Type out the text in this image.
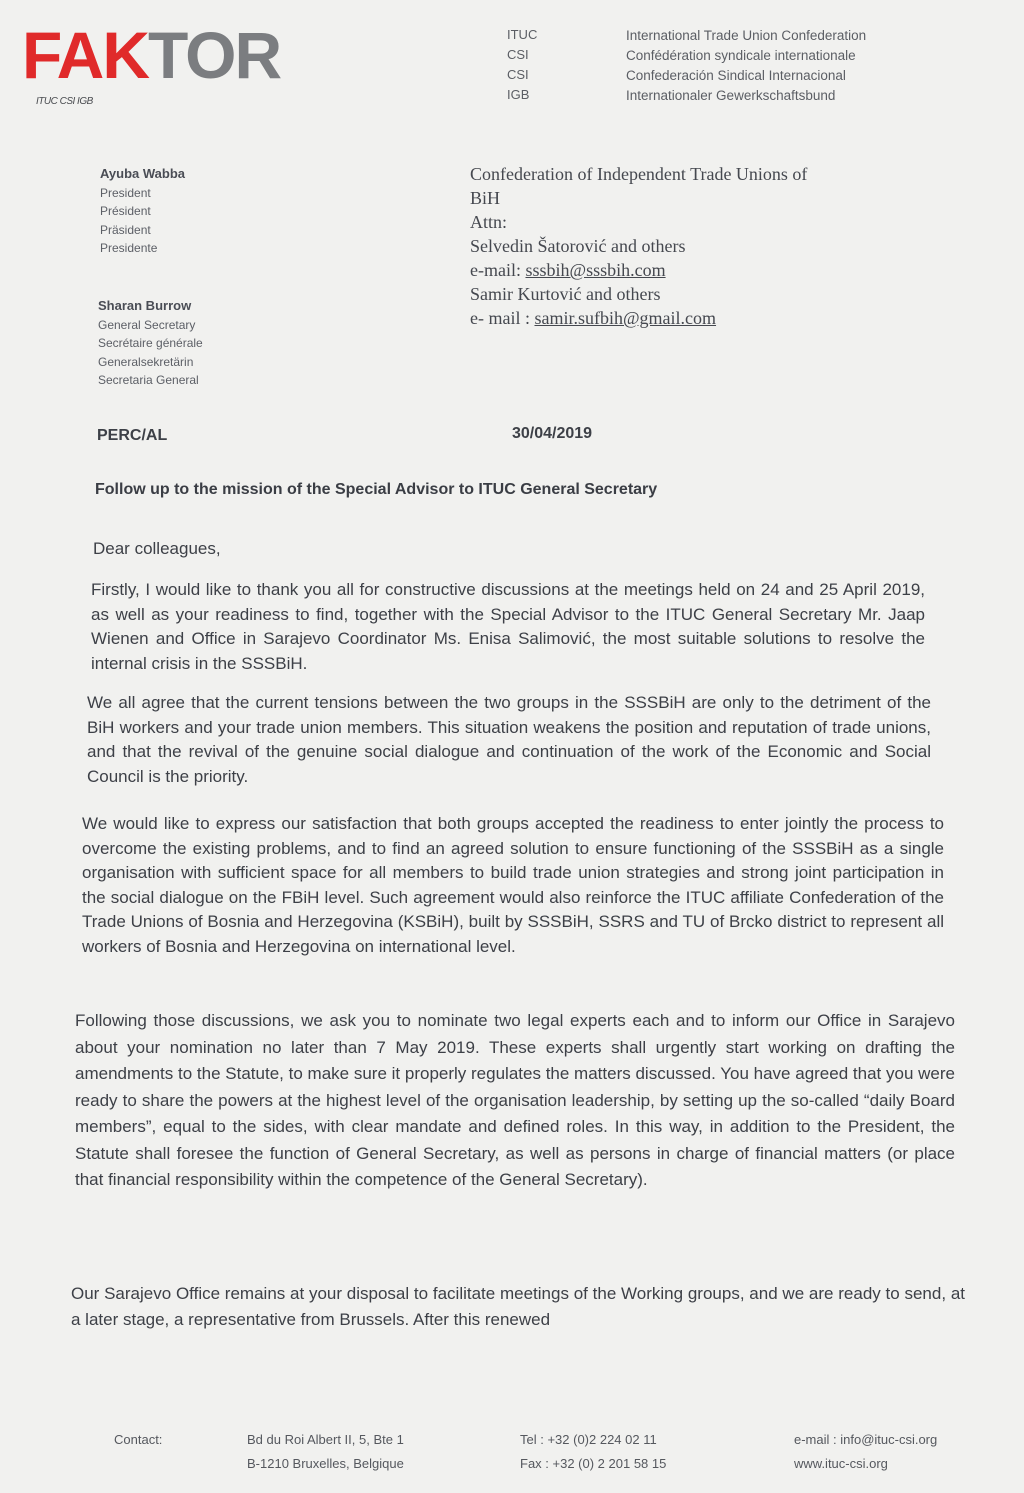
FAKTOR
ITUC CSI IGB
ITUC
CSI
CSI
IGB
International Trade Union Confederation
Confédération syndicale internationale
Confederación Sindical Internacional
Internationaler Gewerkschaftsbund
Ayuba Wabba
President
Président
Präsident
Presidente
Sharan Burrow
General Secretary
Secrétaire générale
Generalsekretärin
Secretaria General
Confederation of Independent Trade Unions of
BiH
Attn:
Selvedin Šatorović and others
e-mail: sssbih@sssbih.com
Samir Kurtović and others
e- mail : samir.sufbih@gmail.com
PERC/AL	30/04/2019
Follow up to the mission of the Special Advisor to ITUC General Secretary
Dear colleagues,
Firstly, I would like to thank you all for constructive discussions at the meetings held on 24 and 25 April 2019, as well as your readiness to find, together with the Special Advisor to the ITUC General Secretary Mr. Jaap Wienen and Office in Sarajevo Coordinator Ms. Enisa Salimović, the most suitable solutions to resolve the internal crisis in the SSSBiH.
We all agree that the current tensions between the two groups in the SSSBiH are only to the detriment of the BiH workers and your trade union members. This situation weakens the position and reputation of trade unions, and that the revival of the genuine social dialogue and continuation of the work of the Economic and Social Council is the priority.
We would like to express our satisfaction that both groups accepted the readiness to enter jointly the process to overcome the existing problems, and to find an agreed solution to ensure functioning of the SSSBiH as a single organisation with sufficient space for all members to build trade union strategies and strong joint participation in the social dialogue on the FBiH level. Such agreement would also reinforce the ITUC affiliate Confederation of the Trade Unions of Bosnia and Herzegovina (KSBiH), built by SSSBiH, SSRS and TU of Brcko district to represent all workers of Bosnia and Herzegovina on international level.
Following those discussions, we ask you to nominate two legal experts each and to inform our Office in Sarajevo about your nomination no later than 7 May 2019. These experts shall urgently start working on drafting the amendments to the Statute, to make sure it properly regulates the matters discussed. You have agreed that you were ready to share the powers at the highest level of the organisation leadership, by setting up the so-called “daily Board members”, equal to the sides, with clear mandate and defined roles. In this way, in addition to the President, the Statute shall foresee the function of General Secretary, as well as persons in charge of financial matters (or place that financial responsibility within the competence of the General Secretary).
Our Sarajevo Office remains at your disposal to facilitate meetings of the Working groups, and we are ready to send, at a later stage, a representative from Brussels. After this renewed
Contact:	Bd du Roi Albert II, 5, Bte 1
B-1210 Bruxelles, Belgique
Tel : +32 (0)2 224 02 11
Fax : +32 (0) 2 201 58 15
e-mail : info@ituc-csi.org
www.ituc-csi.org
